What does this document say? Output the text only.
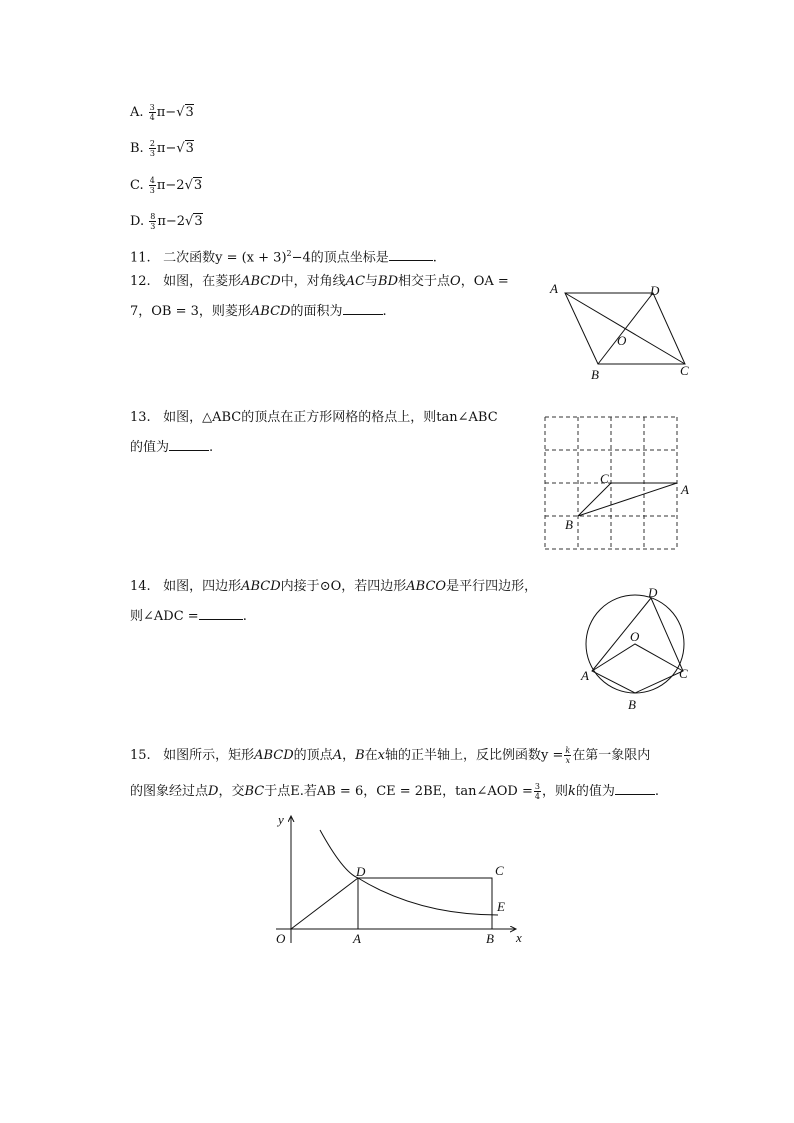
A. $\frac{3}{4} \pi-√3$
B. $\frac{2}{3} \pi-√3$
C. $\frac{4}{3} \pi-2√3$
D. $\frac{8}{3} \pi-2√3$
11. 二次函数$y = (x + 3)^2-4$的顶点坐标是	.
12. 如图，在菱形ABCD中，对角线AC与BD相交于点O，OA =
7，OB = 3，则菱形ABCD的面积为	.
A	D
O
B	C
13. 如图，△ABC的顶点在正方形网格的格点上，则tan∠ABC
的值为	.
C
A
B
14. 如图，四边形ABCD内接于⊙O，若四边形ABCO是平行四边形，
则∠ADC =	.
D
O
A	C
B
15. 如图所示，矩形ABCD的顶点A，B在x轴的正半轴上，反比例函数$y = \frac{k}{x}$ 在第一象限内
的图象经过点D，交BC于点E.若AB = 6，CE = 2BE，tan∠AOD = $\frac{3}{4}$ ，则k的值为	.
y
x
O	A	B
C
D
E
